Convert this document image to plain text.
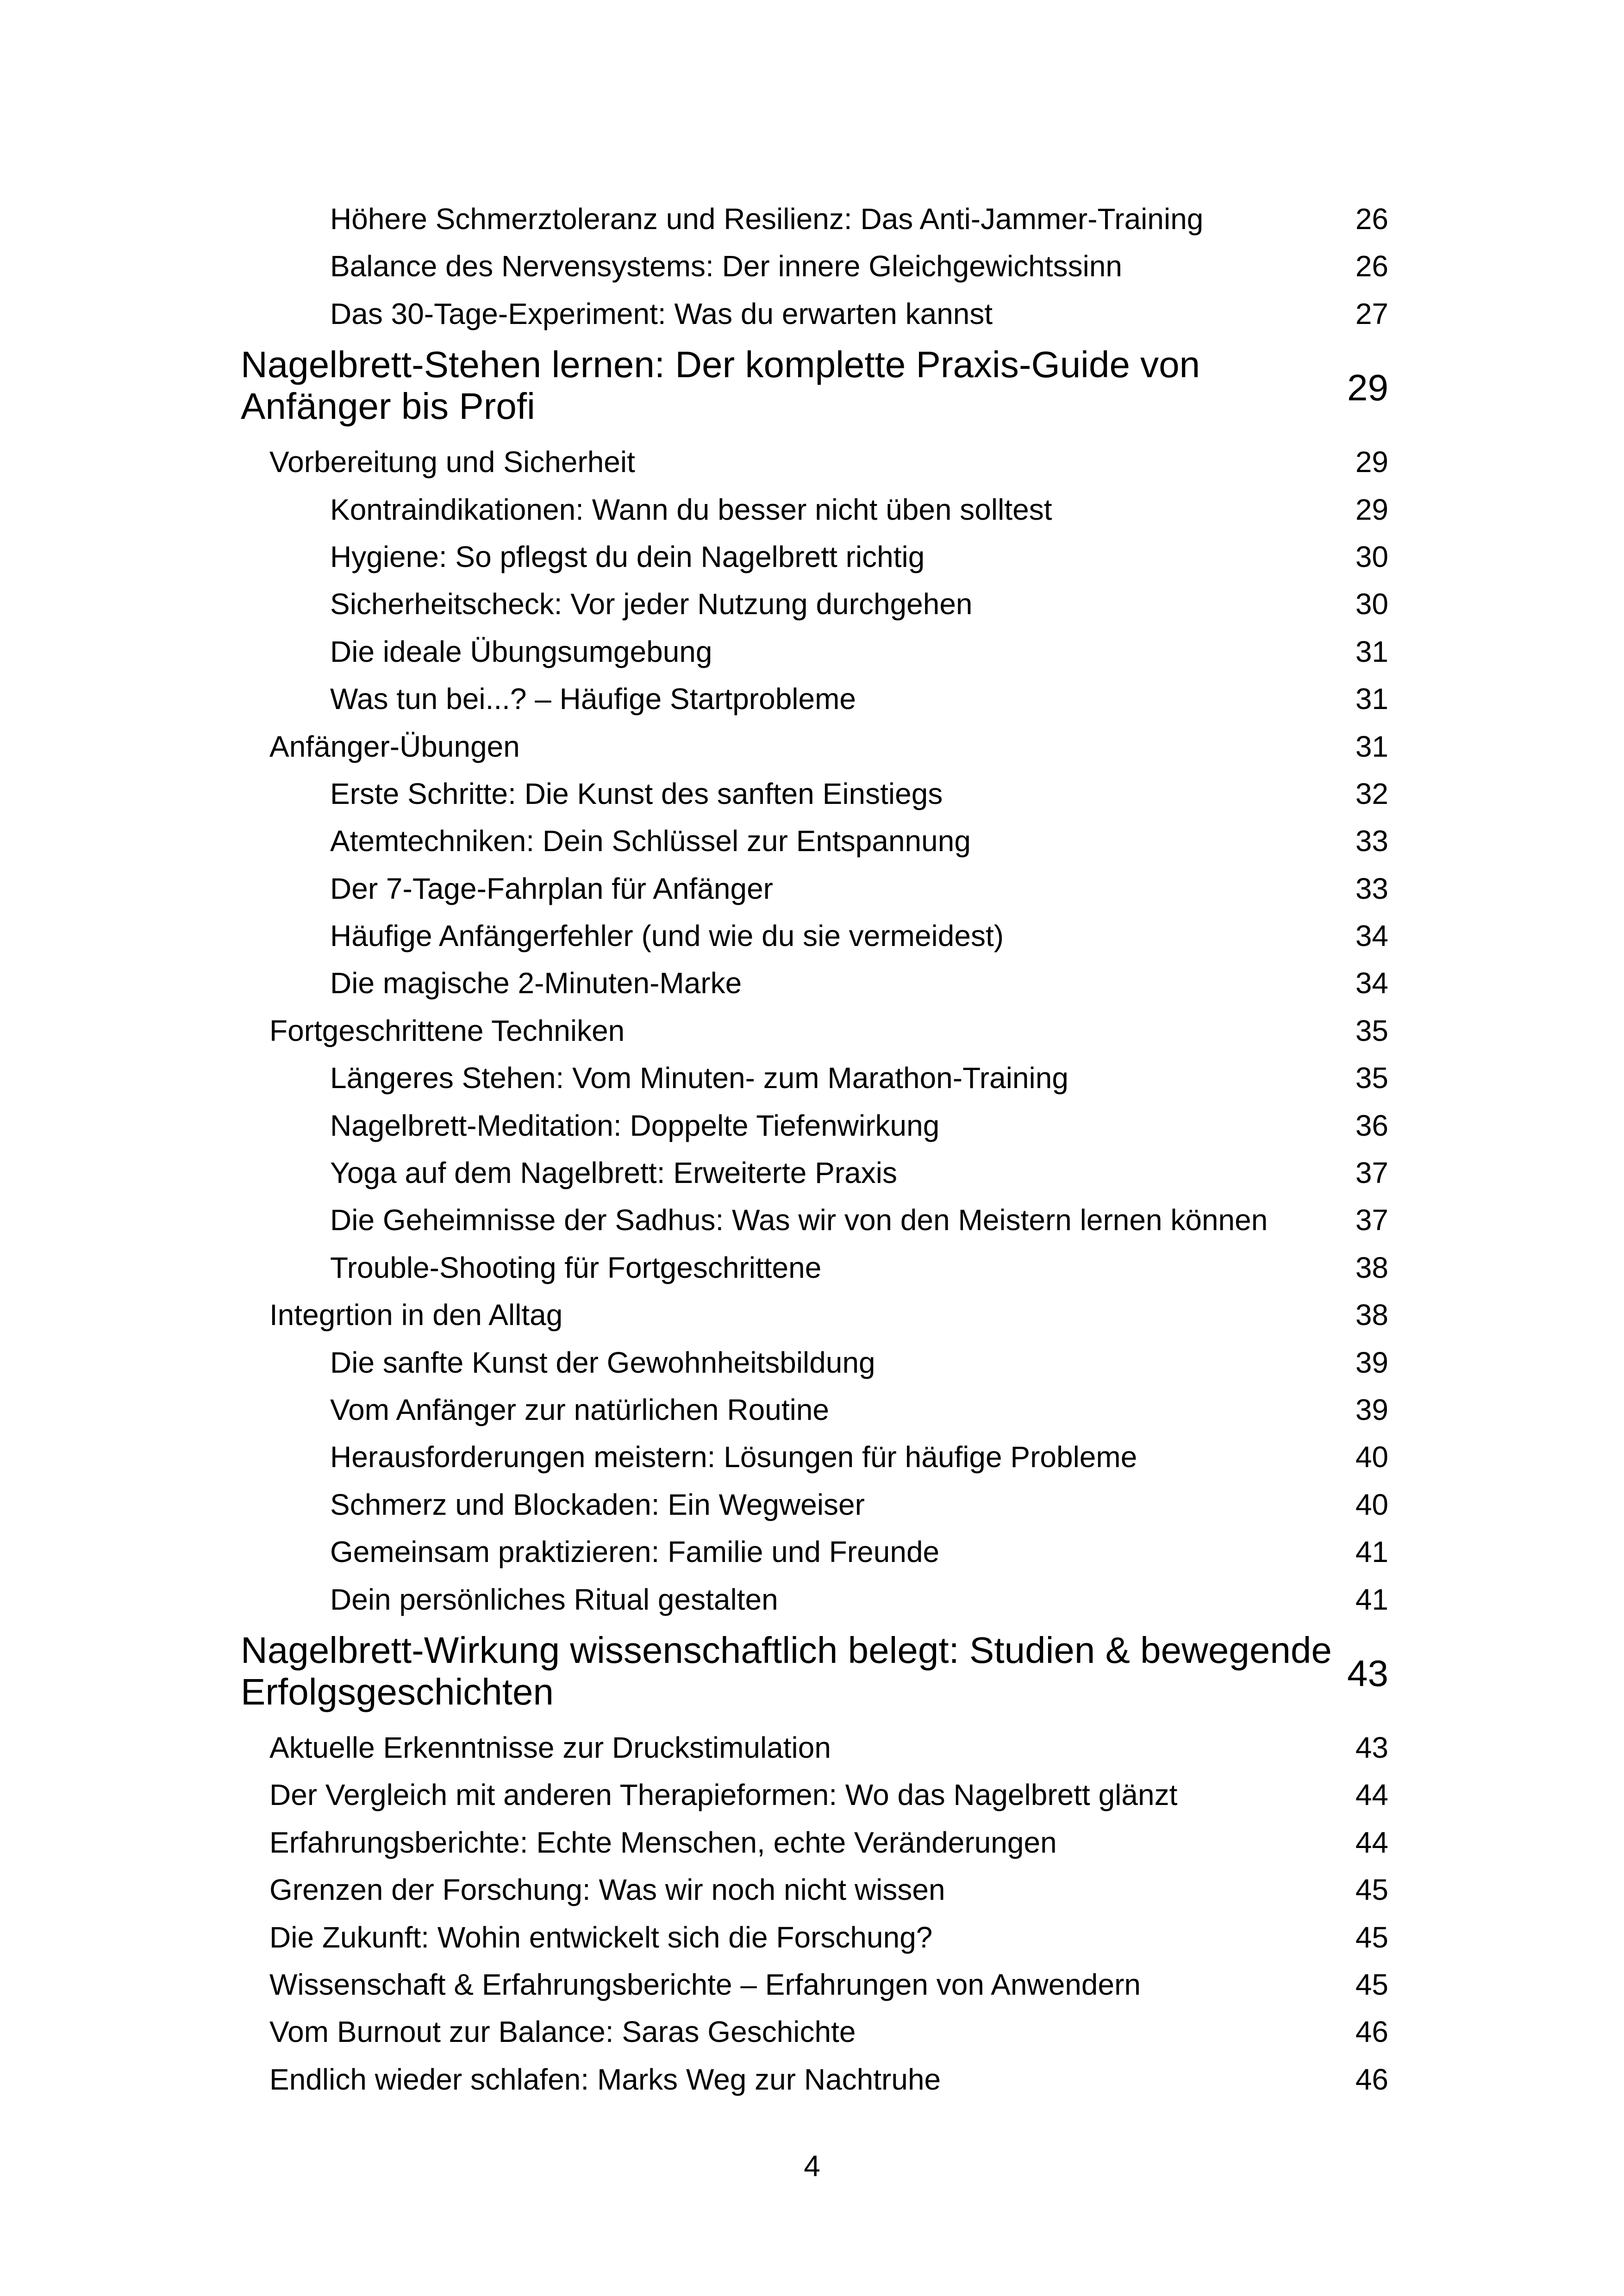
Höhere Schmerztoleranz und Resilienz: Das Anti-Jammer-Training	26
Balance des Nervensystems: Der innere Gleichgewichtssinn	26
Das 30-Tage-Experiment: Was du erwarten kannst	27
Nagelbrett-Stehen lernen: Der komplette Praxis-Guide von Anfänger bis Profi	29
Vorbereitung und Sicherheit	29
Kontraindikationen: Wann du besser nicht üben solltest	29
Hygiene: So pflegst du dein Nagelbrett richtig	30
Sicherheitscheck: Vor jeder Nutzung durchgehen	30
Die ideale Übungsumgebung	31
Was tun bei...? – Häufige Startprobleme	31
Anfänger-Übungen	31
Erste Schritte: Die Kunst des sanften Einstiegs	32
Atemtechniken: Dein Schlüssel zur Entspannung	33
Der 7-Tage-Fahrplan für Anfänger	33
Häufige Anfängerfehler (und wie du sie vermeidest)	34
Die magische 2-Minuten-Marke	34
Fortgeschrittene Techniken	35
Längeres Stehen: Vom Minuten- zum Marathon-Training	35
Nagelbrett-Meditation: Doppelte Tiefenwirkung	36
Yoga auf dem Nagelbrett: Erweiterte Praxis	37
Die Geheimnisse der Sadhus: Was wir von den Meistern lernen können	37
Trouble-Shooting für Fortgeschrittene	38
Integrtion in den Alltag	38
Die sanfte Kunst der Gewohnheitsbildung	39
Vom Anfänger zur natürlichen Routine	39
Herausforderungen meistern: Lösungen für häufige Probleme	40
Schmerz und Blockaden: Ein Wegweiser	40
Gemeinsam praktizieren: Familie und Freunde	41
Dein persönliches Ritual gestalten	41
Nagelbrett-Wirkung wissenschaftlich belegt: Studien & bewegende Erfolgsgeschichten	43
Aktuelle Erkenntnisse zur Druckstimulation	43
Der Vergleich mit anderen Therapieformen: Wo das Nagelbrett glänzt	44
Erfahrungsberichte: Echte Menschen, echte Veränderungen	44
Grenzen der Forschung: Was wir noch nicht wissen	45
Die Zukunft: Wohin entwickelt sich die Forschung?	45
Wissenschaft & Erfahrungsberichte – Erfahrungen von Anwendern	45
Vom Burnout zur Balance: Saras Geschichte	46
Endlich wieder schlafen: Marks Weg zur Nachtruhe	46
4
